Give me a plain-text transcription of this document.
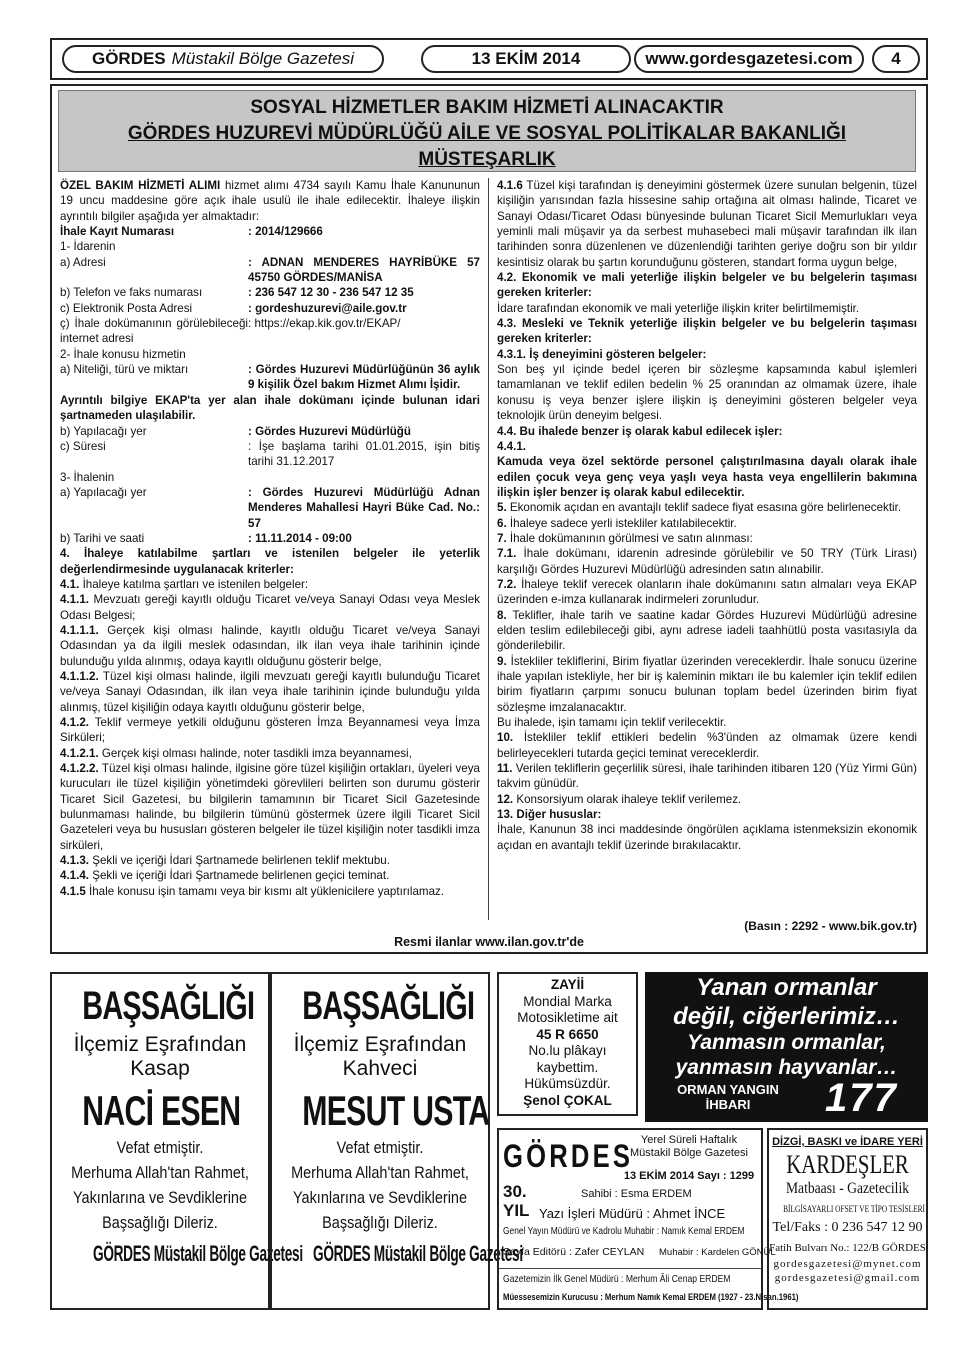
GÖRDES Müstakil Bölge Gazetesi	13 EKİM 2014	www.gordesgazetesi.com 4
SOSYAL HİZMETLER BAKIM HİZMETİ ALINACAKTIR
GÖRDES HUZUREVİ MÜDÜRLÜĞÜ AİLE VE SOSYAL POLİTİKALAR BAKANLIĞI
MÜSTEŞARLIK

ÖZEL BAKIM HİZMETİ ALIMI hizmet alımı 4734 sayılı Kamu İhale Kanununun 19 uncu maddesine göre açık ihale usulü ile ihale edilecektir. İhaleye ilişkin ayrıntılı bilgiler aşağıda yer almaktadır:

İhale Kayıt Numarası	: 2014/129666

1- İdarenin

a) Adresi	: ADNAN MENDERES HAYRİBÜKE 57 45750 GÖRDES/MANİSA
b) Telefon ve faks numarası	: 236 547 12 30 - 236 547 12 35
c) Elektronik Posta Adresi	: gordeshuzurevi@aile.gov.tr
ç) İhale dokümanının görülebileceği internet adresi
: https://ekap.kik.gov.tr/EKAP/

2- İhale konusu hizmetin

a) Niteliği, türü ve miktarı	: Gördes Huzurevi Müdürlüğünün 36 aylık 9 kişilik Özel bakım Hizmet Alımı İşidir.

Ayrıntılı bilgiye EKAP'ta yer alan ihale dokümanı içinde bulunan idari şartnameden ulaşılabilir.

b) Yapılacağı yer	: Gördes Huzurevi Müdürlüğü
c) Süresi	: İşe başlama tarihi 01.01.2015, işin bitiş tarihi 31.12.2017

3- İhalenin

a) Yapılacağı yer	: Gördes Huzurevi Müdürlüğü Adnan Menderes Mahallesi Hayri Büke Cad. No.: 57
b) Tarihi ve saati	: 11.11.2014 - 09:00

4. İhaleye katılabilme şartları ve istenilen belgeler ile yeterlik değerlendirmesinde uygulanacak kriterler:

4.1. İhaleye katılma şartları ve istenilen belgeler:

4.1.1. Mevzuatı gereği kayıtlı olduğu Ticaret ve/veya Sanayi Odası veya Meslek Odası Belgesi;

4.1.1.1. Gerçek kişi olması halinde, kayıtlı olduğu Ticaret ve/veya Sanayi Odasından ya da ilgili meslek odasından, ilk ilan veya ihale tarihinin içinde bulunduğu yılda alınmış, odaya kayıtlı olduğunu gösterir belge,

4.1.1.2. Tüzel kişi olması halinde, ilgili mevzuatı gereği kayıtlı bulunduğu Ticaret ve/veya Sanayi Odasından, ilk ilan veya ihale tarihinin içinde bulunduğu yılda alınmış, tüzel kişiliğin odaya kayıtlı olduğunu gösterir belge,

4.1.2. Teklif vermeye yetkili olduğunu gösteren İmza Beyannamesi veya İmza Sirküleri;

4.1.2.1. Gerçek kişi olması halinde, noter tasdikli imza beyannamesi,

4.1.2.2. Tüzel kişi olması halinde, ilgisine göre tüzel kişiliğin ortakları, üyeleri veya kurucuları ile tüzel kişiliğin yönetimdeki görevlileri belirten son durumu gösterir Ticaret Sicil Gazetesi, bu bilgilerin tamamının bir Ticaret Sicil Gazetesinde bulunmaması halinde, bu bilgilerin tümünü göstermek üzere ilgili Ticaret Sicil Gazeteleri veya bu hususları gösteren belgeler ile tüzel kişiliğin noter tasdikli imza sirküleri,

4.1.3. Şekli ve içeriği İdari Şartnamede belirlenen teklif mektubu.

4.1.4. Şekli ve içeriği İdari Şartnamede belirlenen geçici teminat.

4.1.5 İhale konusu işin tamamı veya bir kısmı alt yüklenicilere yaptırılamaz.

4.1.6 Tüzel kişi tarafından iş deneyimini göstermek üzere sunulan belgenin, tüzel kişiliğin yarısından fazla hissesine sahip ortağına ait olması halinde, Ticaret ve Sanayi Odası/Ticaret Odası bünyesinde bulunan Ticaret Sicil Memurlukları veya yeminli mali müşavir ya da serbest muhasebeci mali müşavir tarafından ilk ilan tarihinden sonra düzenlenen ve düzenlendiği tarihten geriye doğru son bir yıldır kesintisiz olarak bu şartın korunduğunu gösteren, standart forma uygun belge,

4.2. Ekonomik ve mali yeterliğe ilişkin belgeler ve bu belgelerin taşıması gereken kriterler:

İdare tarafından ekonomik ve mali yeterliğe ilişkin kriter belirtilmemiştir.

4.3. Mesleki ve Teknik yeterliğe ilişkin belgeler ve bu belgelerin taşıması gereken kriterler:

4.3.1. İş deneyimini gösteren belgeler:

Son beş yıl içinde bedel içeren bir sözleşme kapsamında kabul işlemleri tamamlanan ve teklif edilen bedelin % 25 oranından az olmamak üzere, ihale konusu iş veya benzer işlere ilişkin iş deneyimini gösteren belgeler veya teknolojik ürün deneyim belgesi.

4.4. Bu ihalede benzer iş olarak kabul edilecek işler:

4.4.1.

Kamuda veya özel sektörde personel çalıştırılmasına dayalı olarak ihale edilen çocuk veya genç veya yaşlı veya hasta veya engellilerin bakımına ilişkin işler benzer iş olarak kabul edilecektir.

5. Ekonomik açıdan en avantajlı teklif sadece fiyat esasına göre belirlenecektir.

6. İhaleye sadece yerli istekliler katılabilecektir.

7. İhale dokümanının görülmesi ve satın alınması:

7.1. İhale dokümanı, idarenin adresinde görülebilir ve 50 TRY (Türk Lirası) karşılığı Gördes Huzurevi Müdürlüğü adresinden satın alınabilir.

7.2. İhaleye teklif verecek olanların ihale dokümanını satın almaları veya EKAP üzerinden e-imza kullanarak indirmeleri zorunludur.

8. Teklifler, ihale tarih ve saatine kadar Gördes Huzurevi Müdürlüğü adresine elden teslim edilebileceği gibi, aynı adrese iadeli taahhütlü posta vasıtasıyla da gönderilebilir.

9. İstekliler tekliflerini, Birim fiyatlar üzerinden vereceklerdir. İhale sonucu üzerine ihale yapılan istekliyle, her bir iş kaleminin miktarı ile bu kalemler için teklif edilen birim fiyatların çarpımı sonucu bulunan toplam bedel üzerinden birim fiyat sözleşme imzalanacaktır.

Bu ihalede, işin tamamı için teklif verilecektir.

10. İstekliler teklif ettikleri bedelin %3'ünden az olmamak üzere kendi belirleyecekleri tutarda geçici teminat vereceklerdir.

11. Verilen tekliflerin geçerlilik süresi, ihale tarihinden itibaren 120 (Yüz Yirmi Gün) takvim günüdür.

12. Konsorsiyum olarak ihaleye teklif verilemez.

13. Diğer hususlar:

İhale, Kanunun 38 inci maddesinde öngörülen açıklama istenmeksizin ekonomik açıdan en avantajlı teklif üzerinde bırakılacaktır.

(Basın : 2292 - www.bik.gov.tr)
Resmi ilanlar www.ilan.gov.tr'de
BAŞSAĞLIĞI
İlçemiz Eşrafından
Kasap
NACİ ESEN
Vefat etmiştir.
Merhuma Allah'tan Rahmet,
Yakınlarına ve Sevdiklerine
Başsağlığı Dileriz.
GÖRDES Müstakil Bölge Gazetesi
BAŞSAĞLIĞI
İlçemiz Eşrafından
Kahveci
MESUT USTA
Vefat etmiştir.
Merhuma Allah'tan Rahmet,
Yakınlarına ve Sevdiklerine
Başsağlığı Dileriz.
GÖRDES Müstakil Bölge Gazetesi
ZAYİİ
Mondial Marka
Motosikletime ait
45 R 6650
No.lu plâkayı
kaybettim.
Hükümsüzdür.
Şenol ÇOKAL
Yanan ormanlar
değil, ciğerlerimiz…
Yanmasın ormanlar,
yanmasın hayvanlar…
ORMAN YANGIN
İHBARI	177
GÖRDES Yerel Süreli Haftalık
Müstakil Bölge Gazetesi
13 EKİM 2014 Sayı : 1299
30.
YIL
Sahibi : Esma ERDEM
Yazı İşleri Müdürü : Ahmet İNCE
Genel Yayın Müdürü ve Kadrolu Muhabir : Namık Kemal ERDEM
Sayfa Editörü : Zafer CEYLAN Muhabir : Kardelen GÖNÜL
Gazetemizin İlk Genel Müdürü : Merhum Âli Cenap ERDEM
Müessesemizin Kurucusu : Merhum Namık Kemal ERDEM (1927 - 23.Nisan.1961)
DİZGİ, BASKI ve İDARE YERİ
KARDEŞLER
Matbaası - Gazetecilik
BİLGİSAYARLI OFSET VE TİPO TESİSLERİ
Tel/Faks : 0 236 547 12 90
Fatih Bulvarı No.: 122/B GÖRDES
gordesgazetesi@mynet.com
gordesgazetesi@gmail.com
